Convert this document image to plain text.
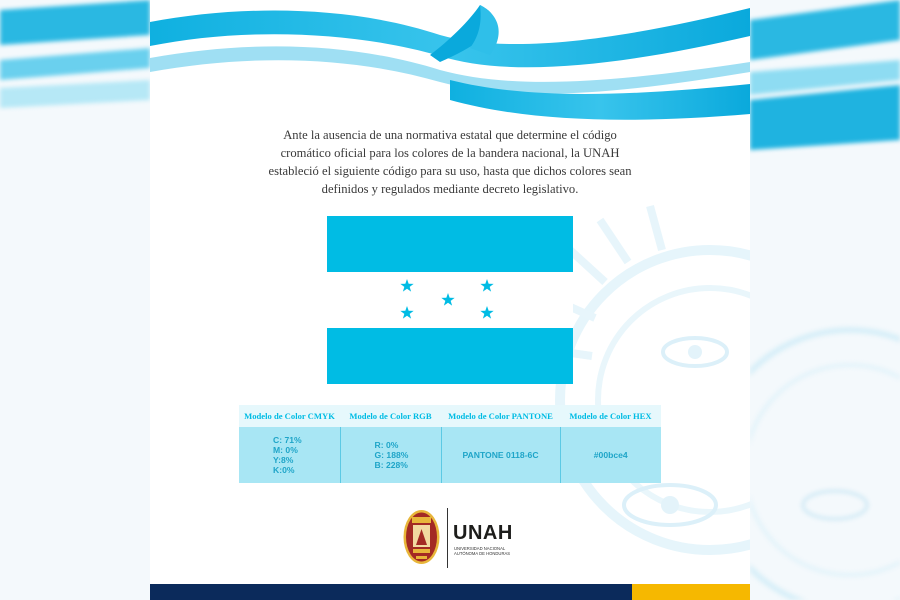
Ante la ausencia de una normativa estatal que determine el código cromático oficial para los colores de la bandera nacional, la UNAH estableció el siguiente código para su uso, hasta que dichos colores sean definidos y regulados mediante decreto legislativo.

Modelo de Color CMYK	Modelo de Color RGB	Modelo de Color PANTONE	Modelo de Color HEX
C: 71%
M: 0%
Y:8%
K:0%	R: 0%
G: 188%
B: 228%	PANTONE 0118-6C	#00bce4

UNAH

UNIVERSIDAD NACIONAL
AUTÓNOMA DE HONDURAS
